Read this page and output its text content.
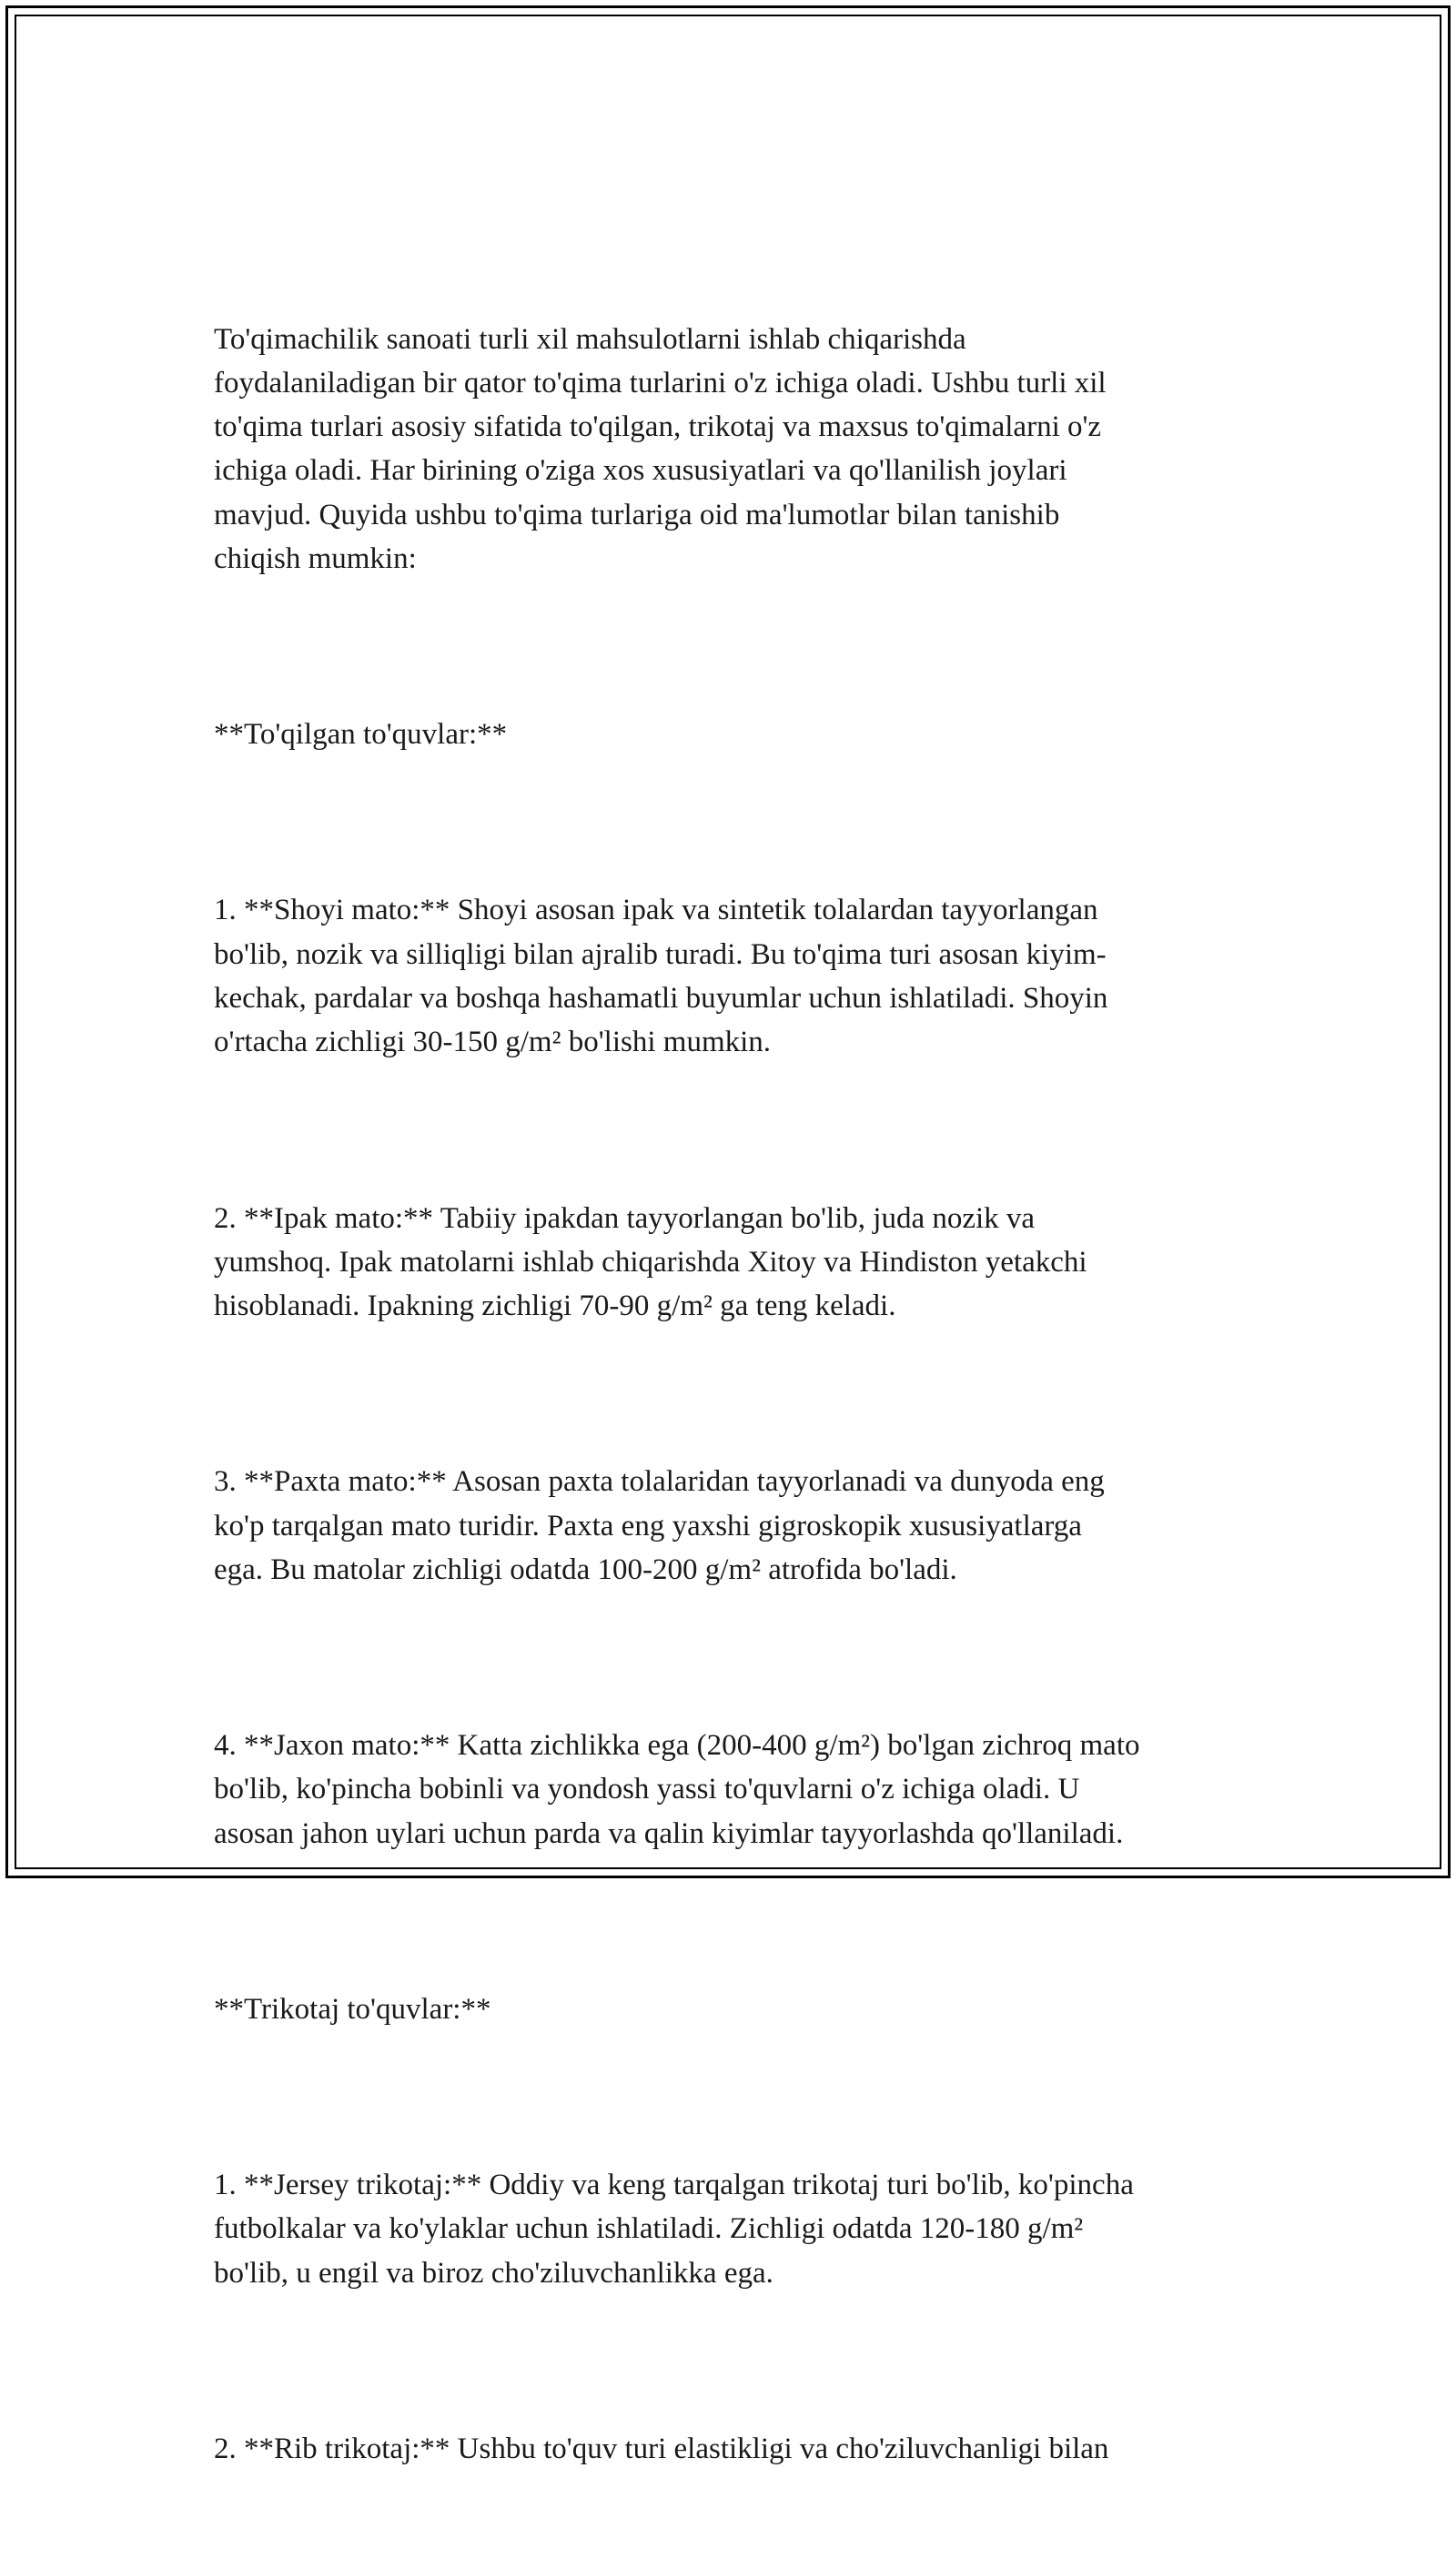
To'qimachilik sanoati turli xil mahsulotlarni ishlab chiqarishda
foydalaniladigan bir qator to'qima turlarini o'z ichiga oladi. Ushbu turli xil
to'qima turlari asosiy sifatida to'qilgan, trikotaj va maxsus to'qimalarni o'z
ichiga oladi. Har birining o'ziga xos xususiyatlari va qo'llanilish joylari
mavjud. Quyida ushbu to'qima turlariga oid ma'lumotlar bilan tanishib
chiqish mumkin:

**To'qilgan to'quvlar:**

1. **Shoyi mato:** Shoyi asosan ipak va sintetik tolalardan tayyorlangan
bo'lib, nozik va silliqligi bilan ajralib turadi. Bu to'qima turi asosan kiyim-
kechak, pardalar va boshqa hashamatli buyumlar uchun ishlatiladi. Shoyin
o'rtacha zichligi 30-150 g/m² bo'lishi mumkin.

2. **Ipak mato:** Tabiiy ipakdan tayyorlangan bo'lib, juda nozik va
yumshoq. Ipak matolarni ishlab chiqarishda Xitoy va Hindiston yetakchi
hisoblanadi. Ipakning zichligi 70-90 g/m² ga teng keladi.

3. **Paxta mato:** Asosan paxta tolalaridan tayyorlanadi va dunyoda eng
ko'p tarqalgan mato turidir. Paxta eng yaxshi gigroskopik xususiyatlarga
ega. Bu matolar zichligi odatda 100-200 g/m² atrofida bo'ladi.

4. **Jaxon mato:** Katta zichlikka ega (200-400 g/m²) bo'lgan zichroq mato
bo'lib, ko'pincha bobinli va yondosh yassi to'quvlarni o'z ichiga oladi. U
asosan jahon uylari uchun parda va qalin kiyimlar tayyorlashda qo'llaniladi.

**Trikotaj to'quvlar:**

1. **Jersey trikotaj:** Oddiy va keng tarqalgan trikotaj turi bo'lib, ko'pincha
futbolkalar va ko'ylaklar uchun ishlatiladi. Zichligi odatda 120-180 g/m²
bo'lib, u engil va biroz cho'ziluvchanlikka ega.

2. **Rib trikotaj:** Ushbu to'quv turi elastikligi va cho'ziluvchanligi bilan
